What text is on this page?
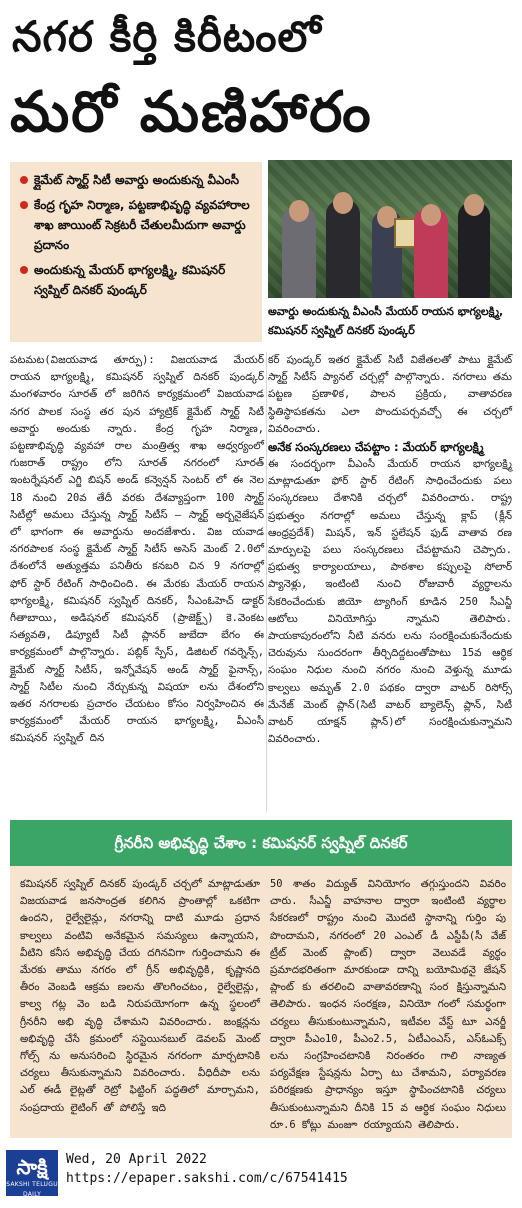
నగర కీర్తి కిరీటంలో
మరో మణిహారం
క్లైమేట్ స్మార్ట్ సిటీ అవార్డు అందుకున్న వీఎంసీ
కేంద్ర గృహ నిర్మాణ, పట్టణాభివృద్ధి వ్యవహారాల శాఖ జాయింట్ సెక్రటరీ చేతులమీదుగా అవార్డు ప్రదానం
అందుకున్న మేయర్ భాగ్యలక్ష్మి, కమిషనర్ స్వప్నిల్ దినకర్ పుండ్కర్
అవార్డు అందుకున్న వీఎంసీ మేయర్ రాయన భాగ్యలక్ష్మి, కమిషనర్ స్వప్నిల్ దినకర్ పుండ్కర్

పటమట(విజయవాడ తూర్పు): విజయవాడ మేయర్ రాయన భాగ్యలక్ష్మి, కమిషనర్ స్వప్నిల్ దినకర్ పుండ్కర్ మంగళవారం సూరత్ లో జరిగిన కార్యక్రమంలో విజయవాడ నగర పాలక సంస్థ తర పున హ్యాట్రిక్ క్లైమేట్ స్మార్ట్ సిటీ అవార్డు అందుకు న్నారు. కేంద్ర గృహ నిర్మాణ, పట్టణాభివృద్ధి వ్యవహా రాల మంత్రిత్వ శాఖ ఆధ్వర్యంలో గుజరాత్ రాష్ట్రం లోని సూరత్ నగరంలో సూరత్ ఇంటర్నేషనల్ ఎగ్జి బిషన్ అండ్ కన్వెన్షన్ సెంటర్ లో ఈ నెల 18 నుంచి 20వ తేదీ వరకు దేశవ్యాప్తంగా 100 స్మార్ట్ సిటీల్లో అమలు చేస్తున్న స్మార్ట్ సిటీస్ – స్మార్ట్ అర్బనైజేషన్ లో భాగంగా ఈ అవార్డును అందజేశారు. విజ యవాడ నగరపాలక సంస్థ క్లైమేట్ స్మార్ట్ సిటీస్ అసెస్ మెంట్ 2.0లో దేశంలోనే అత్యుత్తమ పనితీరు కనబరి చిన 9 నగరాల్లో ఫోర్ స్టార్ రేటింగ్ సాధించింది. ఈ మేరకు మేయర్ రాయన భాగ్యలక్ష్మి, కమిషనర్ స్వప్నిల్ దినకర్, సీఎంఓహెచ్ డాక్టర్ గీతాబాయి, అడిషనల్ కమిషనర్ (ప్రాజెక్ట్స్) కె.వెంకట సత్యవతి, డిప్యూటీ సిటీ ప్లానర్ జుబేదా బేగం ఈ కార్యక్రమంలో పాల్గొన్నారు. పబ్లిక్ స్పేస్, డిజిటల్ గవర్నెన్స్, క్లైమేట్ స్మార్ట్ సిటీస్, ఇన్నోవేషన్ అండ్ స్మార్ట్ ఫైనాన్స్, స్మార్ట్ సిటీల నుంచి నేర్చుకున్న విషయా లను దేశంలోని ఇతర నగరాలకు ప్రచారం చేయటం కోసం నిర్వహించిన ఈ కార్యక్రమంలో మేయర్ రాయన భాగ్యలక్ష్మి, వీఎంసీ కమిషనర్ స్వప్నిల్ దిన

కర్ పుండ్కర్ ఇతర క్లైమేట్ సిటీ విజేతలతో పాటు క్లైమేట్ స్మార్ట్ సిటీస్ ప్యానల్ చర్చల్లో పాల్గొన్నారు. నగరాలు తమ పట్టణ ప్రణాళిక, పాలన ప్రక్రియ, వాతావరణ స్థితిస్థాపకతను ఎలా పొందుపర్చవచ్చో ఈ చర్చలో వివరించారు.

అనేక సంస్కరణలు చేపట్టాం : మేయర్ భాగ్యలక్ష్మి

ఈ సందర్భంగా వీఎంసీ మేయర్ రాయన భాగ్యలక్ష్మి మాట్లాడుతూ ఫోర్ స్టార్ రేటింగ్ సాధించేందుకు పలు సంస్కరణలు దేశానికి చర్చలో వివరించారు. రాష్ట్ర ప్రభుత్వం నగరాల్లో అమలు చేస్తున్న క్లాప్ (క్లీన్ ఆంధ్రప్రదేశ్) మిషన్, ఇన్ స్టలేషన్ ఫుడ్ వాతావ రణ మార్పులపై పలు సంస్కరణలు చేపట్టామని చెప్పారు. ప్రభుత్వ కార్యాలయాలు, పాఠశాల కప్పులపై సోలార్ ప్యానెళ్లు, ఇంటింటి నుంచి రోజువారీ వ్యర్థాలను సేకరించేందుకు జియో ట్యాగింగ్ కూడిన 250 సీఎన్జీ ఆటోలు వినియోగిస్తు న్నామని తెలిపారు. పాయకాపురంలోని నీటి వనరు లను సంరక్షించుకునేందుకు చెరువును సుందరంగా తీర్చిదిద్దటంతోపాటు 15వ ఆర్థిక సంఘం నిధుల నుంచి నగరం నుంచి వెళ్తున్న మూడు కాల్వలు అమృత్ 2.0 పథకం ద్వారా వాటర్ రిసోర్స్ మేనేజ్ మెంట్ ప్లాన్(సిటీ వాటర్ బ్యాలెన్స్ ప్లాన్, సిటీ వాటర్ యాక్షన్ ప్లాన్)లో సంరక్షించుకున్నామని వివరించారు.

గ్రీనరీని అభివృద్ధి చేశాం : కమిషనర్ స్వప్నిల్ దినకర్

కమిషనర్ స్వప్నిల్ దినకర్ పుండ్కర్ చర్చలో మాట్లాడుతూ విజయవాడ జనసాంద్రత కలిగిన ప్రాంతాల్లో ఒకటిగా ఉందని, రైల్వేలైన్లు, నగరాన్ని దాటి మూడు ప్రధాన కాల్వలు వంటివి అనేకమైన సమస్యలు ఉన్నాయని, వీటిని కనీస అభివృద్ధి చేయ దగినవిగా గుర్తించామని ఈ మేరకు తాము నగరం లో గ్రీన్ అభివృద్ధికి, కృష్ణానది తీరం వెంబడి ఆక్రమ ణలను తొలగించటం, రైల్వేలైన్లు, కాల్వ గట్ల వెం బడి నిరుపయోగంగా ఉన్న స్థలంలో గ్రీనరీని అభి వృద్ధి చేశామని వివరించారు. జంక్షన్లను అభివృద్ధి చేసే క్రమంలో సస్టెయినబుల్ డెవలప్ మెంట్ గోల్స్ ను అనుసరించి స్థిరమైన నగరంగా మార్చటానికి చర్యలు తీసుకున్నామని వివరించారు. వీధిదీపా లను ఎల్ ఈడీ లైట్లతో రెట్రో ఫిట్టింగ్ పద్ధతిలో మార్చామని, సంప్రదాయ లైటింగ్ తో పోలిస్తే ఇది

50 శాతం విద్యుత్ వినియోగం తగ్గుస్తుందని వివరిం చారు. సీఎన్జీ వాహనాల ద్వారా ఇంటింటి వ్యర్థాల సేకరణలో రాష్ట్రం నుంచి మొదటి స్థానాన్ని గుర్తిం పు పొందామని, నగరంలో 20 ఎంఎల్ డీ ఎస్టీపీ(సీ వేజ్ ట్రీట్ మెంట్ ప్లాంట్) ద్వారా వెలువడే వ్యర్థం ప్రమాదభరితంగా మారకుండా దాన్ని బయోమిథనై జేషన్ ప్లాంట్ కు తరలించి వాతావరణాన్ని సంర క్షిస్తున్నామని తెలిపారు. ఇంధన సంరక్షణ, వినియో గంలో సమర్థంగా చర్యలు తీసుకుంటున్నామని, ఇటీవల వేస్ట్ టూ ఎనర్జీ ద్వారా పీఎం10, పీఎం2.5, ఏటీఎంఎస్, ఎస్ఓఎక్స్ లను సంగ్రహించటానికి నిరంతరం గాలి నాణ్యత పర్యవేక్షణ స్టేషన్లను ఏర్పా టు చేశామని, పర్యావరణ పరిరక్షణకు ప్రాధాన్యం ఇస్తూ స్థాపించటానికి చర్యలు తీసుకుంటున్నామని దీనికి 15 వ ఆర్థిక సంఘం నిధులు రూ.6 కోట్లు మంజూ రయ్యాయని తెలిపారు.

సాక్షి
SAKSHI TELUGU DAILY
Wed, 20 April 2022
https://epaper.sakshi.com/c/67541415
